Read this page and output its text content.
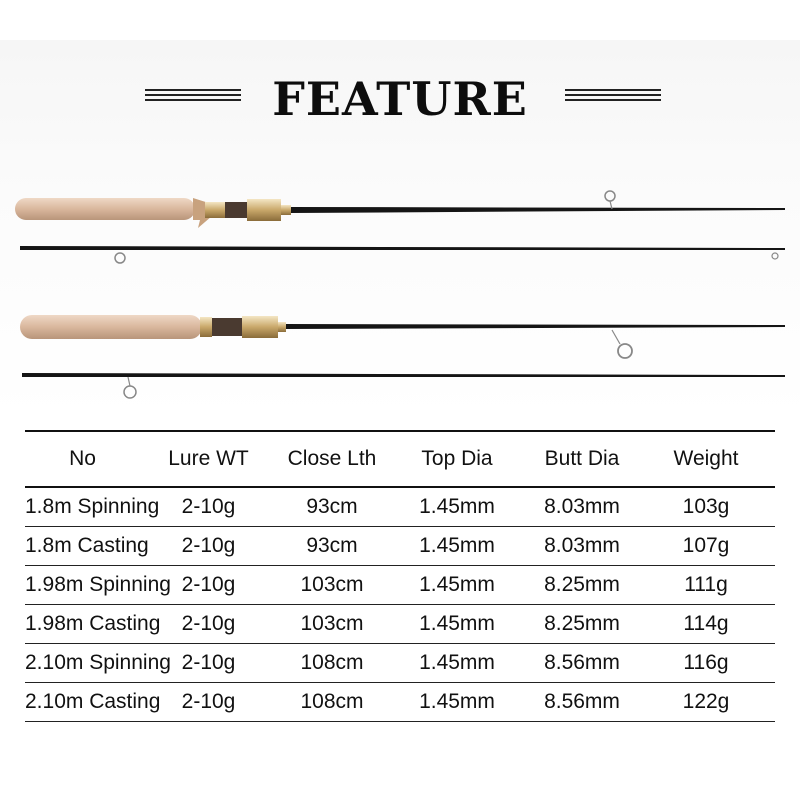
FEATURE
No	Lure WT	Close Lth	Top Dia	Butt Dia	Weight
1.8m Spinning	2-10g	93cm	1.45mm	8.03mm	103g
1.8m Casting	2-10g	93cm	1.45mm	8.03mm	107g
1.98m Spinning	2-10g	103cm	1.45mm	8.25mm	111g
1.98m Casting	2-10g	103cm	1.45mm	8.25mm	114g
2.10m Spinning	2-10g	108cm	1.45mm	8.56mm	116g
2.10m Casting	2-10g	108cm	1.45mm	8.56mm	122g
